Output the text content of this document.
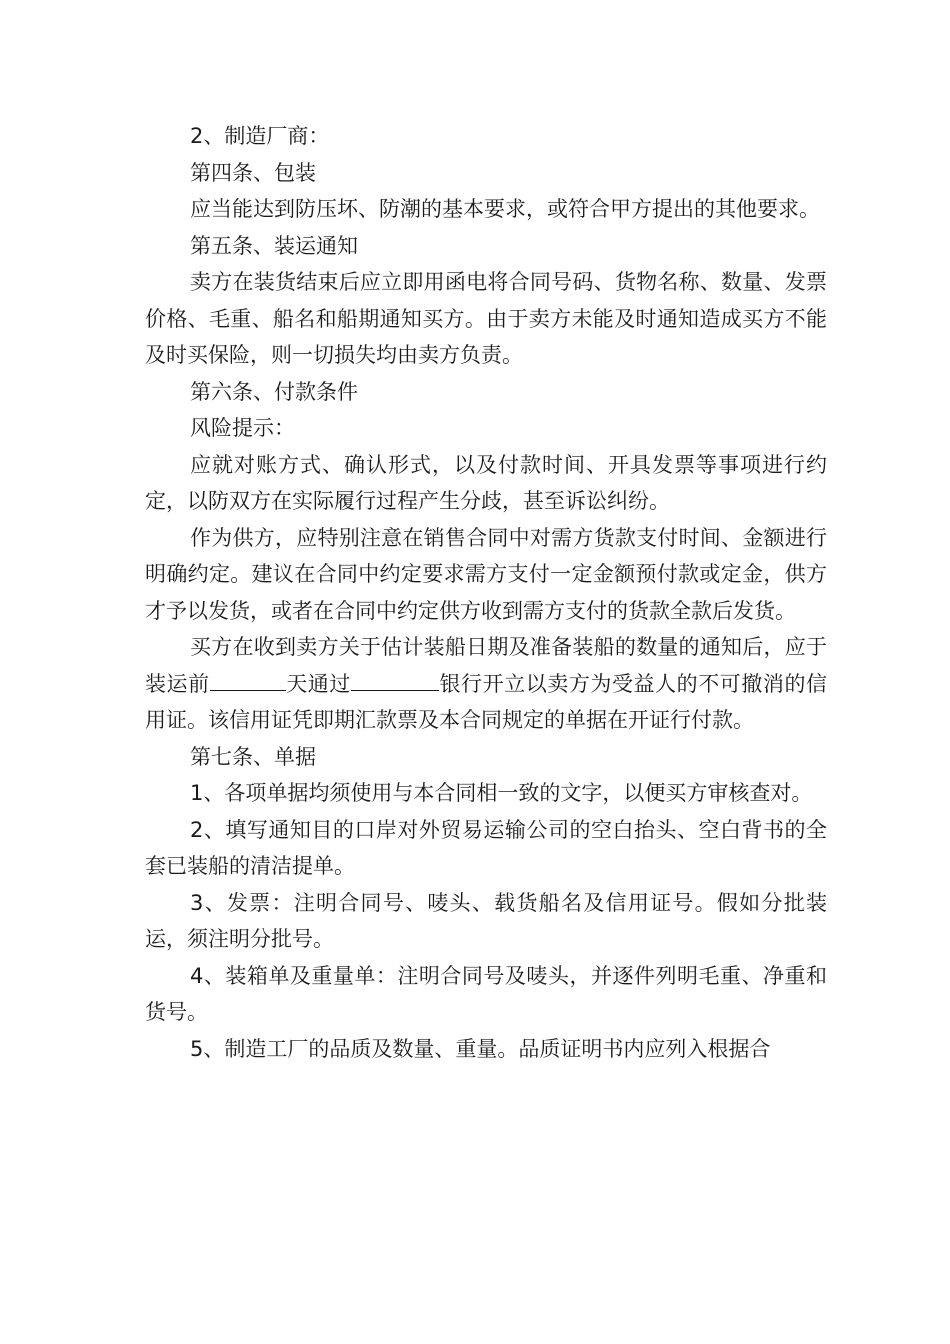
2、制造厂商：

第四条、包装

应当能达到防压坏、防潮的基本要求，或符合甲方提出的其他要求。

第五条、装运通知

卖方在装货结束后应立即用函电将合同号码、货物名称、数量、发票价格、毛重、船名和船期通知买方。由于卖方未能及时通知造成买方不能及时买保险，则一切损失均由卖方负责。

第六条、付款条件

风险提示：

应就对账方式、确认形式，以及付款时间、开具发票等事项进行约定，以防双方在实际履行过程产生分歧，甚至诉讼纠纷。

作为供方，应特别注意在销售合同中对需方货款支付时间、金额进行明确约定。建议在合同中约定要求需方支付一定金额预付款或定金，供方才予以发货，或者在合同中约定供方收到需方支付的货款全款后发货。

买方在收到卖方关于估计装船日期及准备装船的数量的通知后，应于装运前	天通过	银行开立以卖方为受益人的不可撤消的信用证。该信用证凭即期汇款票及本合同规定的单据在开证行付款。

第七条、单据

1、各项单据均须使用与本合同相一致的文字，以便买方审核查对。

2、填写通知目的口岸对外贸易运输公司的空白抬头、空白背书的全套已装船的清洁提单。

3、发票：注明合同号、唛头、载货船名及信用证号。假如分批装运，须注明分批号。

4、装箱单及重量单：注明合同号及唛头，并逐件列明毛重、净重和货号。

5、制造工厂的品质及数量、重量。品质证明书内应列入根据合
